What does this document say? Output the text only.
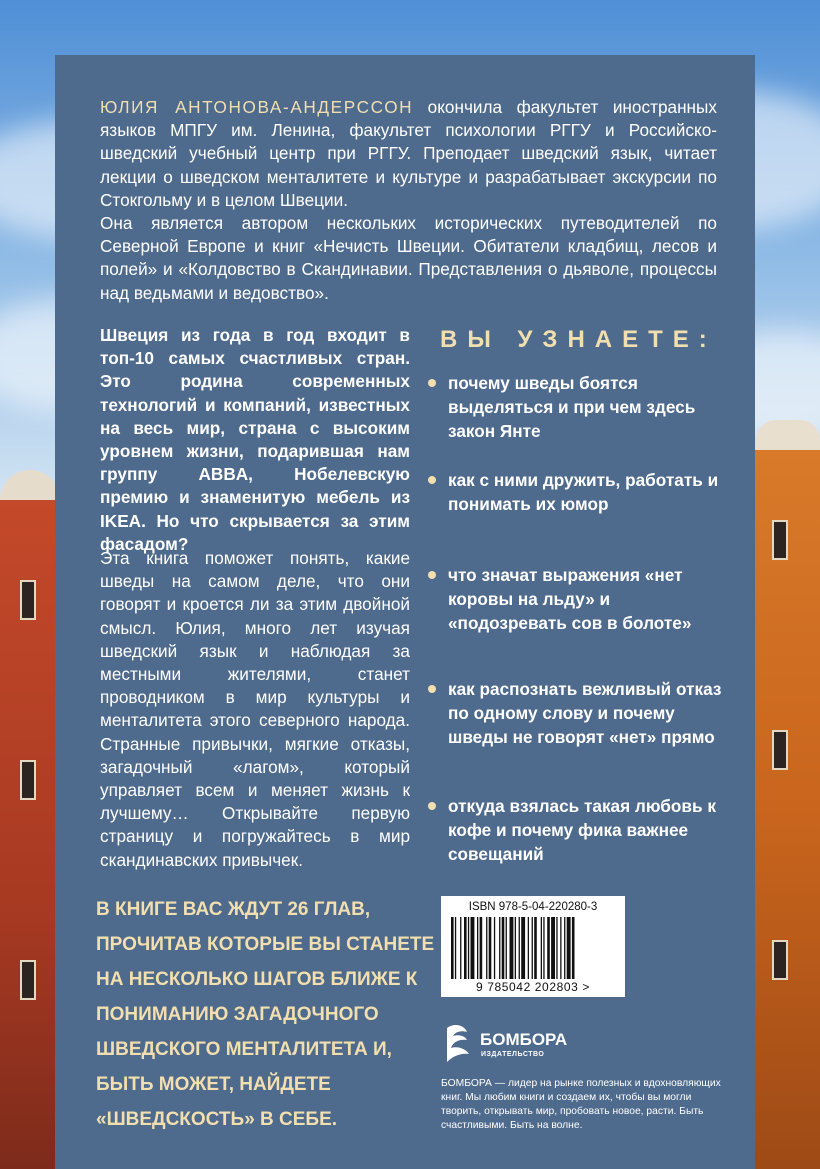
ЮЛИЯ АНТОНОВА-АНДЕРССОН окончила факультет иностранных языков МПГУ им. Ленина, факультет психологии РГГУ и Российско-шведский учебный центр при РГГУ. Преподает шведский язык, читает лекции о шведском менталитете и культуре и разрабатывает экскурсии по Стокгольму и в целом Швеции.
Она является автором нескольких исторических путеводителей по Северной Европе и книг «Нечисть Швеции. Обитатели кладбищ, лесов и полей» и «Колдовство в Скандинавии. Представления о дьяволе, процессы над ведьмами и ведовство».
Швеция из года в год входит в топ-10 самых счастливых стран. Это родина современных технологий и компаний, известных на весь мир, страна с высоким уровнем жизни, подарившая нам группу ABBA, Нобелевскую премию и знаменитую мебель из IKEA. Но что скрывается за этим фасадом?
Эта книга поможет понять, какие шведы на самом деле, что они говорят и кроется ли за этим двойной смысл. Юлия, много лет изучая шведский язык и наблюдая за местными жителями, станет проводником в мир культуры и менталитета этого северного народа. Странные привычки, мягкие отказы, загадочный «лагом», который управляет всем и меняет жизнь к лучшему… Открывайте первую страницу и погружайтесь в мир скандинавских привычек.
ВЫ УЗНАЕТЕ:
почему шведы боятся выделяться и при чем здесь закон Янте
как с ними дружить, работать и понимать их юмор
что значат выражения «нет коровы на льду» и «подозревать сов в болоте»
как распознать вежливый отказ по одному слову и почему шведы не говорят «нет» прямо
откуда взялась такая любовь к кофе и почему фика важнее совещаний
В КНИГЕ ВАС ЖДУТ 26 ГЛАВ, ПРОЧИТАВ КОТОРЫЕ ВЫ СТАНЕТЕ НА НЕСКОЛЬКО ШАГОВ БЛИЖЕ К ПОНИМАНИЮ ЗАГАДОЧНОГО ШВЕДСКОГО МЕНТАЛИТЕТА И, БЫТЬ МОЖЕТ, НАЙДЕТЕ «ШВЕДСКОСТЬ» В СЕБЕ.
ISBN 978-5-04-220280-3
9 785042 202803 >
БОМБОРА
ИЗДАТЕЛЬСТВО
БОМБОРА — лидер на рынке полезных и вдохновляющих книг. Мы любим книги и создаем их, чтобы вы могли творить, открывать мир, пробовать новое, расти. Быть счастливыми. Быть на волне.
